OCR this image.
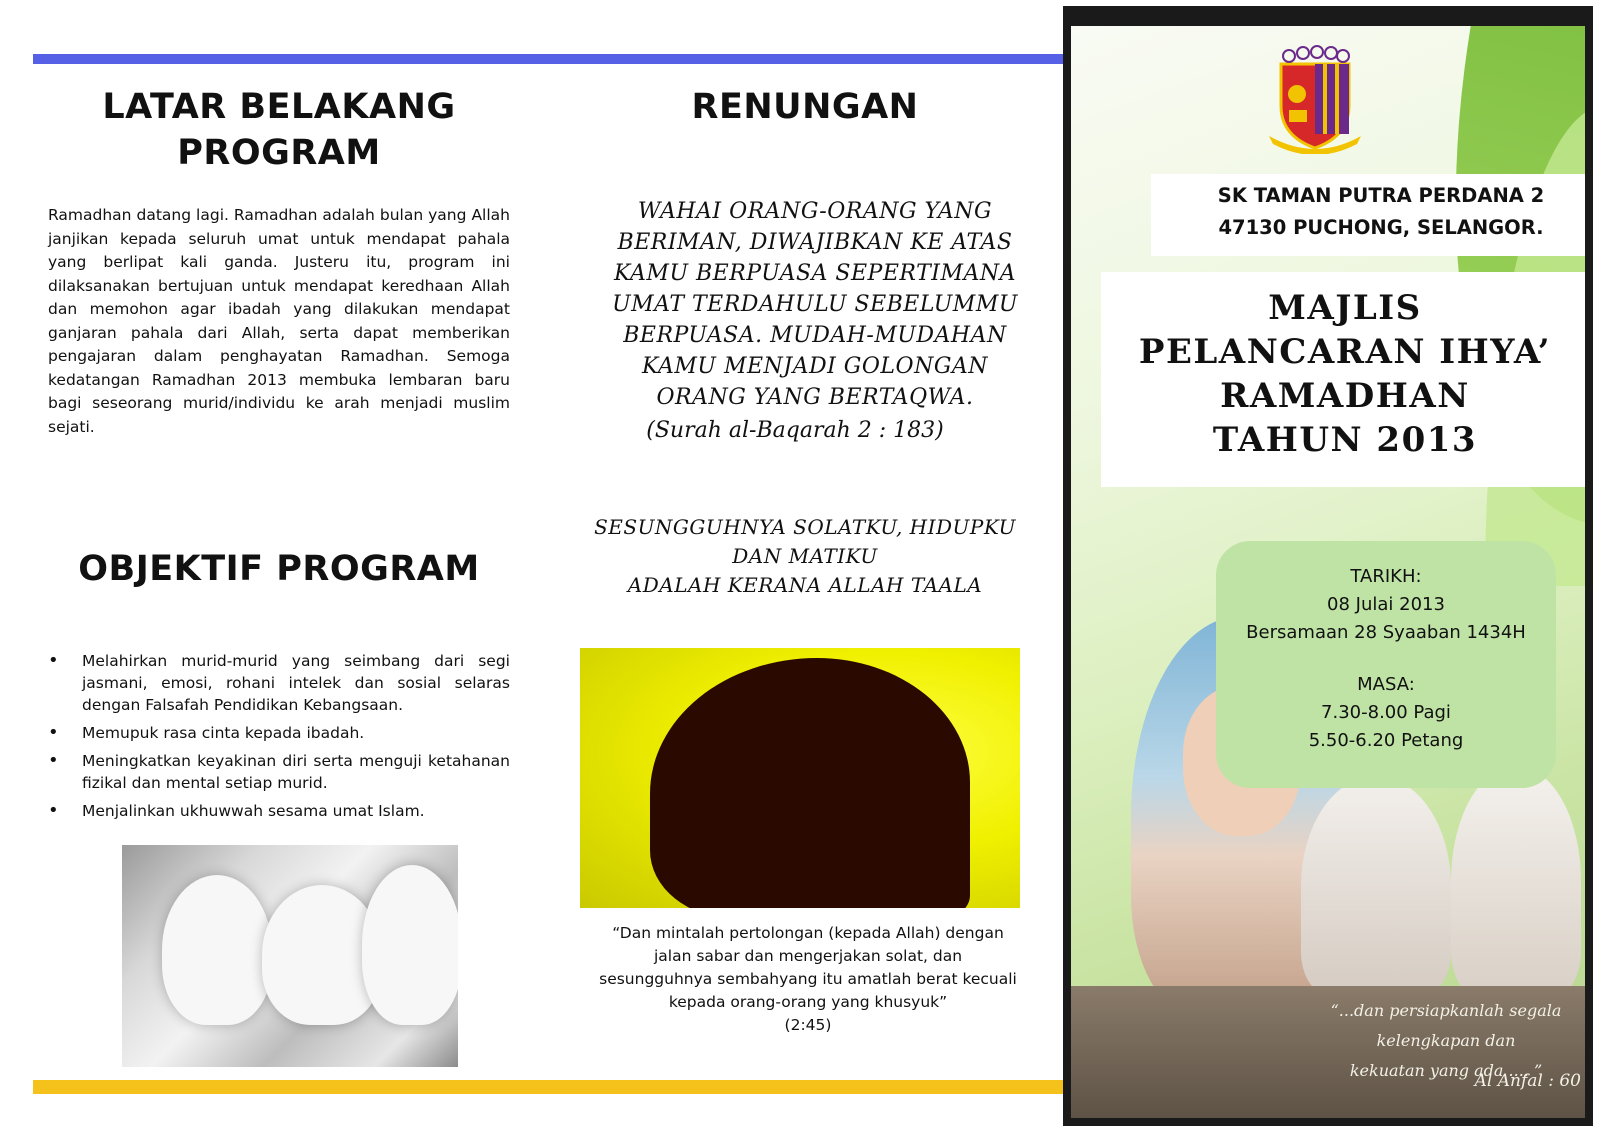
LATAR BELAKANG
PROGRAM

Ramadhan datang lagi. Ramadhan adalah bulan yang Allah janjikan kepada seluruh umat untuk mendapat pahala yang berlipat kali ganda. Justeru itu, program ini dilaksanakan bertujuan untuk mendapat keredhaan Allah dan memohon agar ibadah yang dilakukan mendapat ganjaran pahala dari Allah, serta dapat memberikan pengajaran dalam penghayatan Ramadhan. Semoga kedatangan Ramadhan 2013 membuka lembaran baru bagi seseorang murid/individu ke arah menjadi muslim sejati.

OBJEKTIF PROGRAM
• Melahirkan murid-murid yang seimbang dari segi jasmani, emosi, rohani intelek dan sosial selaras dengan Falsafah Pendidikan Kebangsaan.
• Memupuk rasa cinta kepada ibadah.
• Meningkatkan keyakinan diri serta menguji ketahanan fizikal dan mental setiap murid.
• Menjalinkan ukhuwwah sesama umat Islam.
RENUNGAN

WAHAI ORANG-ORANG YANG

BERIMAN, DIWAJIBKAN KE ATAS

KAMU BERPUASA SEPERTIMANA

UMAT TERDAHULU SEBELUMMU

BERPUASA. MUDAH-MUDAHAN

KAMU MENJADI GOLONGAN

ORANG YANG BERTAQWA.

(Surah al-Baqarah 2 : 183)

SESUNGGUHNYA SOLATKU, HIDUPKU

DAN MATIKU

ADALAH KERANA ALLAH TAALA

“Dan mintalah pertolongan (kepada Allah) dengan
jalan sabar dan mengerjakan solat, dan
sesungguhnya sembahyang itu amatlah berat kecuali
kepada orang-orang yang khusyuk”
(2:45)
SK TAMAN PUTRA PERDANA 2
47130 PUCHONG, SELANGOR.
MAJLIS
PELANCARAN IHYA’
RAMADHAN
TAHUN 2013
TARIKH:
08 Julai 2013
Bersamaan 28 Syaaban 1434H
MASA:
7.30-8.00 Pagi
5.50-6.20 Petang
“...dan persiapkanlah segala kelengkapan dan
kekuatan yang ada .... ”
Al Anfal : 60
